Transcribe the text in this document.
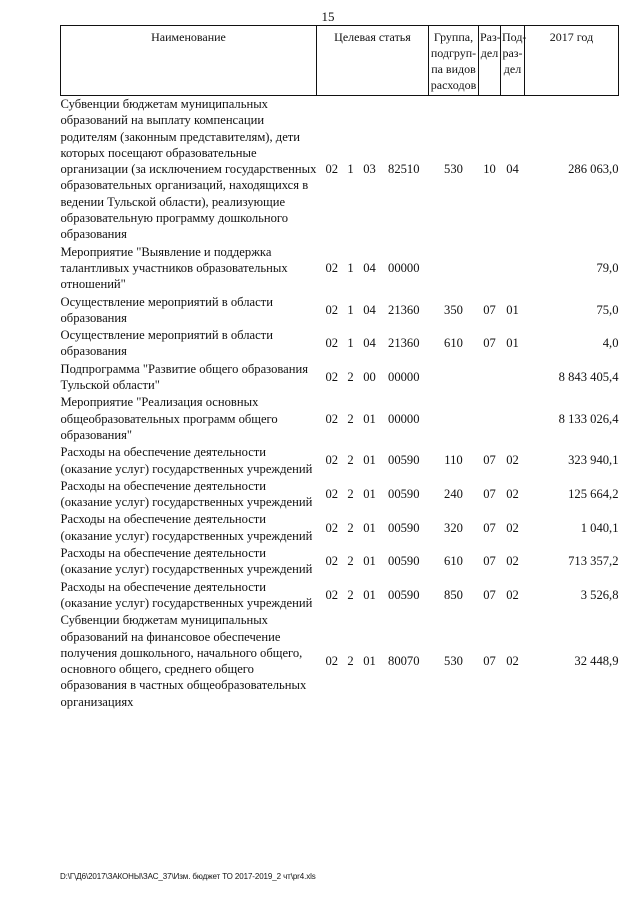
15
Наименование	Целевая статья	Группа, подгруп-па видов расходов	Раз-дел	Под-раз-дел	2017 год
Субвенции бюджетам муниципальных образований на выплату компенсации родителям (законным представителям), дети которых посещают образовательные организации (за исключением государственных образовательных организаций, находящихся в ведении Тульской области), реализующие образовательную программу дошкольного образования	02 1 03 82510	530	10	04	286 063,0
Мероприятие "Выявление и поддержка талантливых участников образовательных отношений"	02 1 04 00000				79,0
Осуществление мероприятий в области образования	02 1 04 21360	350	07	01	75,0
Осуществление мероприятий в области образования	02 1 04 21360	610	07	01	4,0
Подпрограмма "Развитие общего образования Тульской области"	02 2 00 00000				8 843 405,4
Мероприятие "Реализация основных общеобразовательных программ общего образования"	02 2 01 00000				8 133 026,4
Расходы на обеспечение деятельности (оказание услуг) государственных учреждений	02 2 01 00590	110	07	02	323 940,1
Расходы на обеспечение деятельности (оказание услуг) государственных учреждений	02 2 01 00590	240	07	02	125 664,2
Расходы на обеспечение деятельности (оказание услуг) государственных учреждений	02 2 01 00590	320	07	02	1 040,1
Расходы на обеспечение деятельности (оказание услуг) государственных учреждений	02 2 01 00590	610	07	02	713 357,2
Расходы на обеспечение деятельности (оказание услуг) государственных учреждений	02 2 01 00590	850	07	02	3 526,8
Субвенции бюджетам муниципальных образований на финансовое обеспечение получения дошкольного, начального общего, основного общего, среднего общего образования в частных общеобразовательных организациях	02 2 01 80070	530	07	02	32 448,9
D:\Г\Д6\2017\ЗАКОНЫ\ЗАС_37\Изм. бюджет ТО 2017-2019_2 чт\pr4.xls
